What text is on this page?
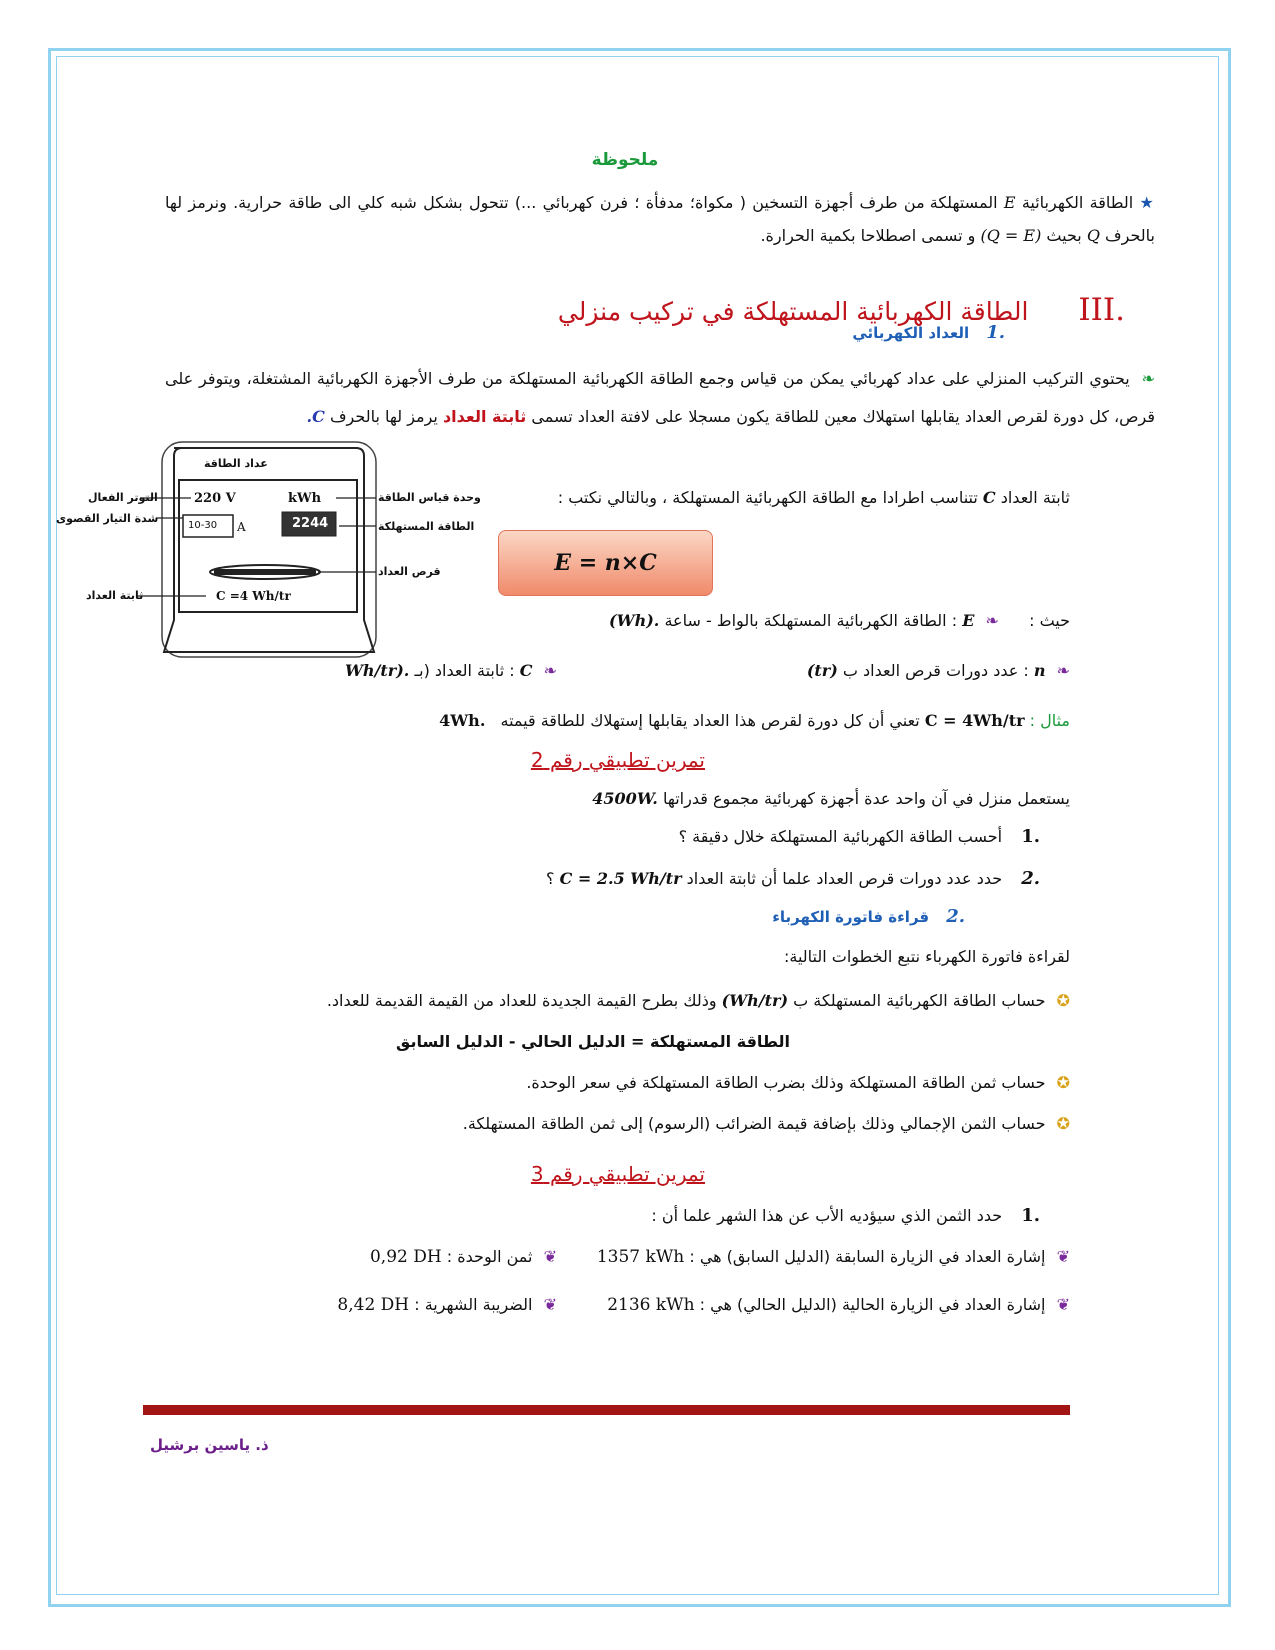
ملحوظة
★ الطاقة الكهربائية E المستهلكة من طرف أجهزة التسخين ( مكواة؛ مدفأة ؛ فرن كهربائي ...) تتحول بشكل شبه كلي الى طاقة حرارية. ونرمز لها بالحرف Q بحيث (Q = E) و تسمى اصطلاحا بكمية الحرارة.
III. الطاقة الكهربائية المستهلكة في تركيب منزلي
1. العداد الكهربائي
❧ يحتوي التركيب المنزلي على عداد كهربائي يمكن من قياس وجمع الطاقة الكهربائية المستهلكة من طرف الأجهزة الكهربائية المشتغلة، ويتوفر على قرص، كل دورة لقرص العداد يقابلها استهلاك معين للطاقة يكون مسجلا على لافتة العداد تسمى ثابتة العداد يرمز لها بالحرف C.
ثابتة العداد C تتناسب اطرادا مع الطاقة الكهربائية المستهلكة ، وبالتالي نكتب :
E = n×C
حيث :  ❧ E : الطاقة الكهربائية المستهلكة بالواط - ساعة (Wh).
❧ n : عدد دورات قرص العداد ب (tr)
❧ C : ثابتة العداد (بـ Wh/tr).
مثال : C = 4Wh/tr تعني أن كل دورة لقرص هذا العداد يقابلها إستهلاك للطاقة قيمته 4Wh.
عداد الطاقة
220 V	kWh
10-30 A	2244
C =4 Wh/tr
التوتر الفعال
شدة التيار القصوى
ثابتة العداد
وحدة قياس الطاقة
الطاقة المستهلكة
قرص العداد
تمرين تطبيقي رقم 2
يستعمل منزل في آن واحد عدة أجهزة كهربائية مجموع قدراتها 4500W.
1. أحسب الطاقة الكهربائية المستهلكة خلال دقيقة ؟
2. حدد عدد دورات قرص العداد علما أن ثابتة العداد C = 2.5 Wh/tr ؟
2. قراءة فاتورة الكهرباء
لقراءة فاتورة الكهرباء نتبع الخطوات التالية:
✪ حساب الطاقة الكهربائية المستهلكة ب (Wh/tr) وذلك بطرح القيمة الجديدة للعداد من القيمة القديمة للعداد.
الطاقة المستهلكة = الدليل الحالي - الدليل السابق
✪ حساب ثمن الطاقة المستهلكة وذلك بضرب الطاقة المستهلكة في سعر الوحدة.
✪ حساب الثمن الإجمالي وذلك بإضافة قيمة الضرائب (الرسوم) إلى ثمن الطاقة المستهلكة.
تمرين تطبيقي رقم 3
1. حدد الثمن الذي سيؤديه الأب عن هذا الشهر علما أن :
❦ إشارة العداد في الزيارة السابقة (الدليل السابق) هي : 1357 kWh
❦ ثمن الوحدة : 0,92 DH
❦ إشارة العداد في الزيارة الحالية (الدليل الحالي) هي : 2136 kWh
❦ الضريبة الشهرية : 8,42 DH
ذ. ياسين برشيل
